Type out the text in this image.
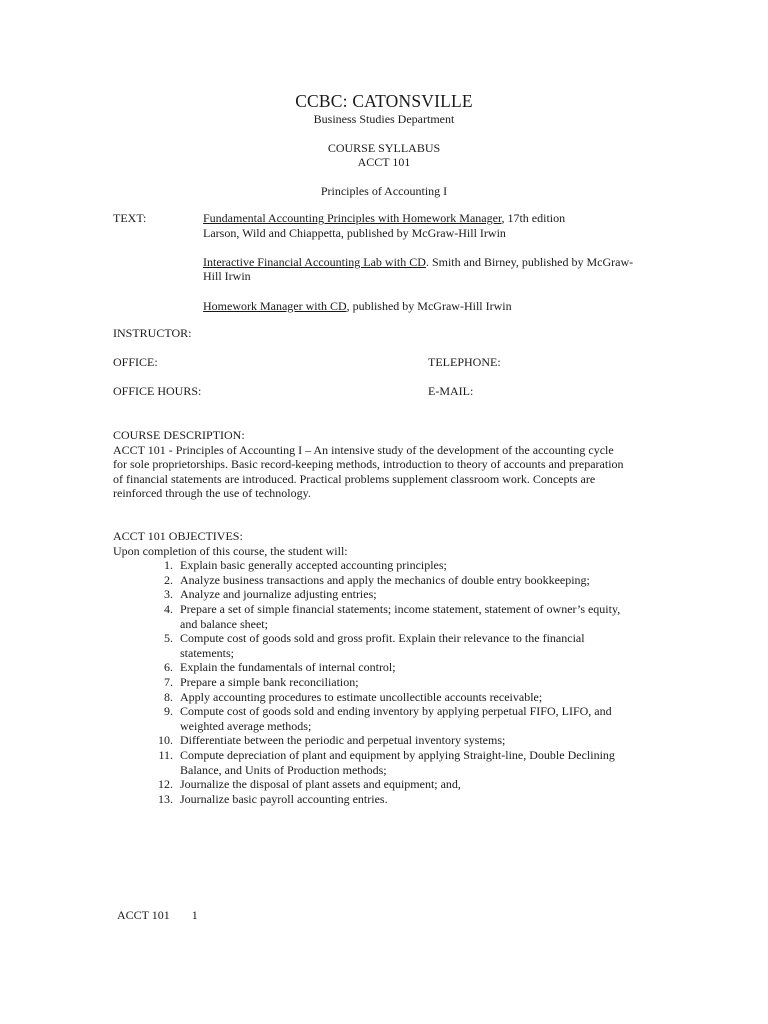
CCBC: CATONSVILLE
Business Studies Department
COURSE SYLLABUS
ACCT 101
Principles of Accounting I
TEXT:	Fundamental Accounting Principles with Homework Manager, 17th edition
Larson, Wild and Chiappetta, published by McGraw-Hill Irwin
Interactive Financial Accounting Lab with CD. Smith and Birney, published by McGraw-
Hill Irwin
Homework Manager with CD, published by McGraw-Hill Irwin
INSTRUCTOR:
OFFICE:	TELEPHONE:
OFFICE HOURS:	E-MAIL:
COURSE DESCRIPTION:
ACCT 101 - Principles of Accounting I – An intensive study of the development of the accounting cycle
for sole proprietorships. Basic record-keeping methods, introduction to theory of accounts and preparation
of financial statements are introduced. Practical problems supplement classroom work. Concepts are
reinforced through the use of technology.
ACCT 101 OBJECTIVES:
Upon completion of this course, the student will:
1. Explain basic generally accepted accounting principles;
2. Analyze business transactions and apply the mechanics of double entry bookkeeping;
3. Analyze and journalize adjusting entries;
4. Prepare a set of simple financial statements; income statement, statement of owner’s equity,
and balance sheet;
5. Compute cost of goods sold and gross profit. Explain their relevance to the financial
statements;
6. Explain the fundamentals of internal control;
7. Prepare a simple bank reconciliation;
8. Apply accounting procedures to estimate uncollectible accounts receivable;
9. Compute cost of goods sold and ending inventory by applying perpetual FIFO, LIFO, and
weighted average methods;
10. Differentiate between the periodic and perpetual inventory systems;
11. Compute depreciation of plant and equipment by applying Straight-line, Double Declining
Balance, and Units of Production methods;
12. Journalize the disposal of plant assets and equipment; and,
13. Journalize basic payroll accounting entries.
ACCT 101 1
